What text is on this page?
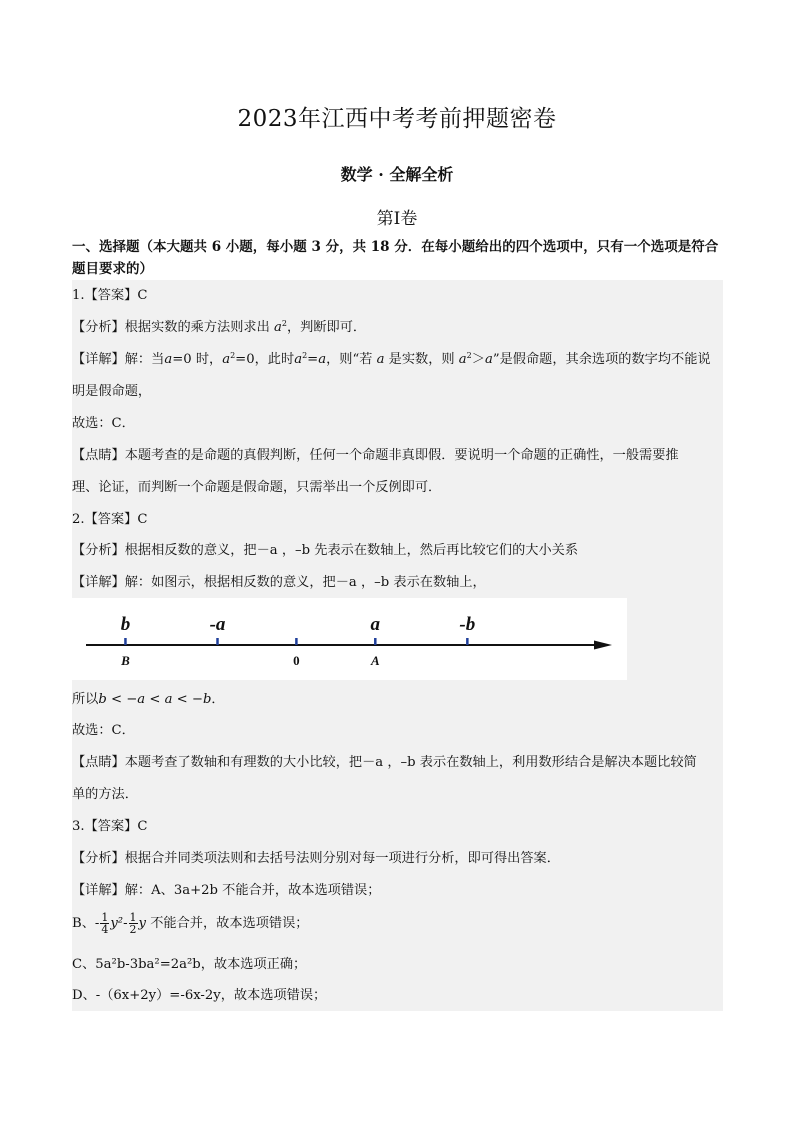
2023年江西中考考前押题密卷
数学 · 全解全析
第Ⅰ卷
一、选择题（本大题共 6 小题，每小题 3 分，共 18 分．在每小题给出的四个选项中，只有一个选项是符合题目要求的）
1.【答案】C
【分析】根据实数的乘方法则求出 $a^2$，判断即可．
【详解】解：当a=0 时，$a^2=0$，此时$a^2=a$，则“若 a 是实数，则 $a^2>a$”是假命题，其余选项的数字均不能说
明是假命题，
故选：C．
【点睛】本题考查的是命题的真假判断，任何一个命题非真即假．要说明一个命题的正确性，一般需要推
理、论证，而判断一个命题是假命题，只需举出一个反例即可．
2.【答案】C
【分析】根据相反数的意义，把－a ，–b 先表示在数轴上，然后再比较它们的大小关系
【详解】解：如图示，根据相反数的意义，把－a ，–b 表示在数轴上，
b
B
-a
0
a
A
-b
所以b < −a < a < −b．
故选：C．
【点睛】本题考查了数轴和有理数的大小比较，把－a ，–b 表示在数轴上，利用数形结合是解决本题比较简
单的方法．
3.【答案】C
【分析】根据合并同类项法则和去括号法则分别对每一项进行分析，即可得出答案．
【详解】解：A、3a+2b 不能合并，故本选项错误；
B、- $\frac{1}{4} y^2- \frac{1}{2}$ y 不能合并，故本选项错误；
C、5a²b-3ba²=2a²b，故本选项正确；
D、-（6x+2y）=-6x-2y，故本选项错误；
